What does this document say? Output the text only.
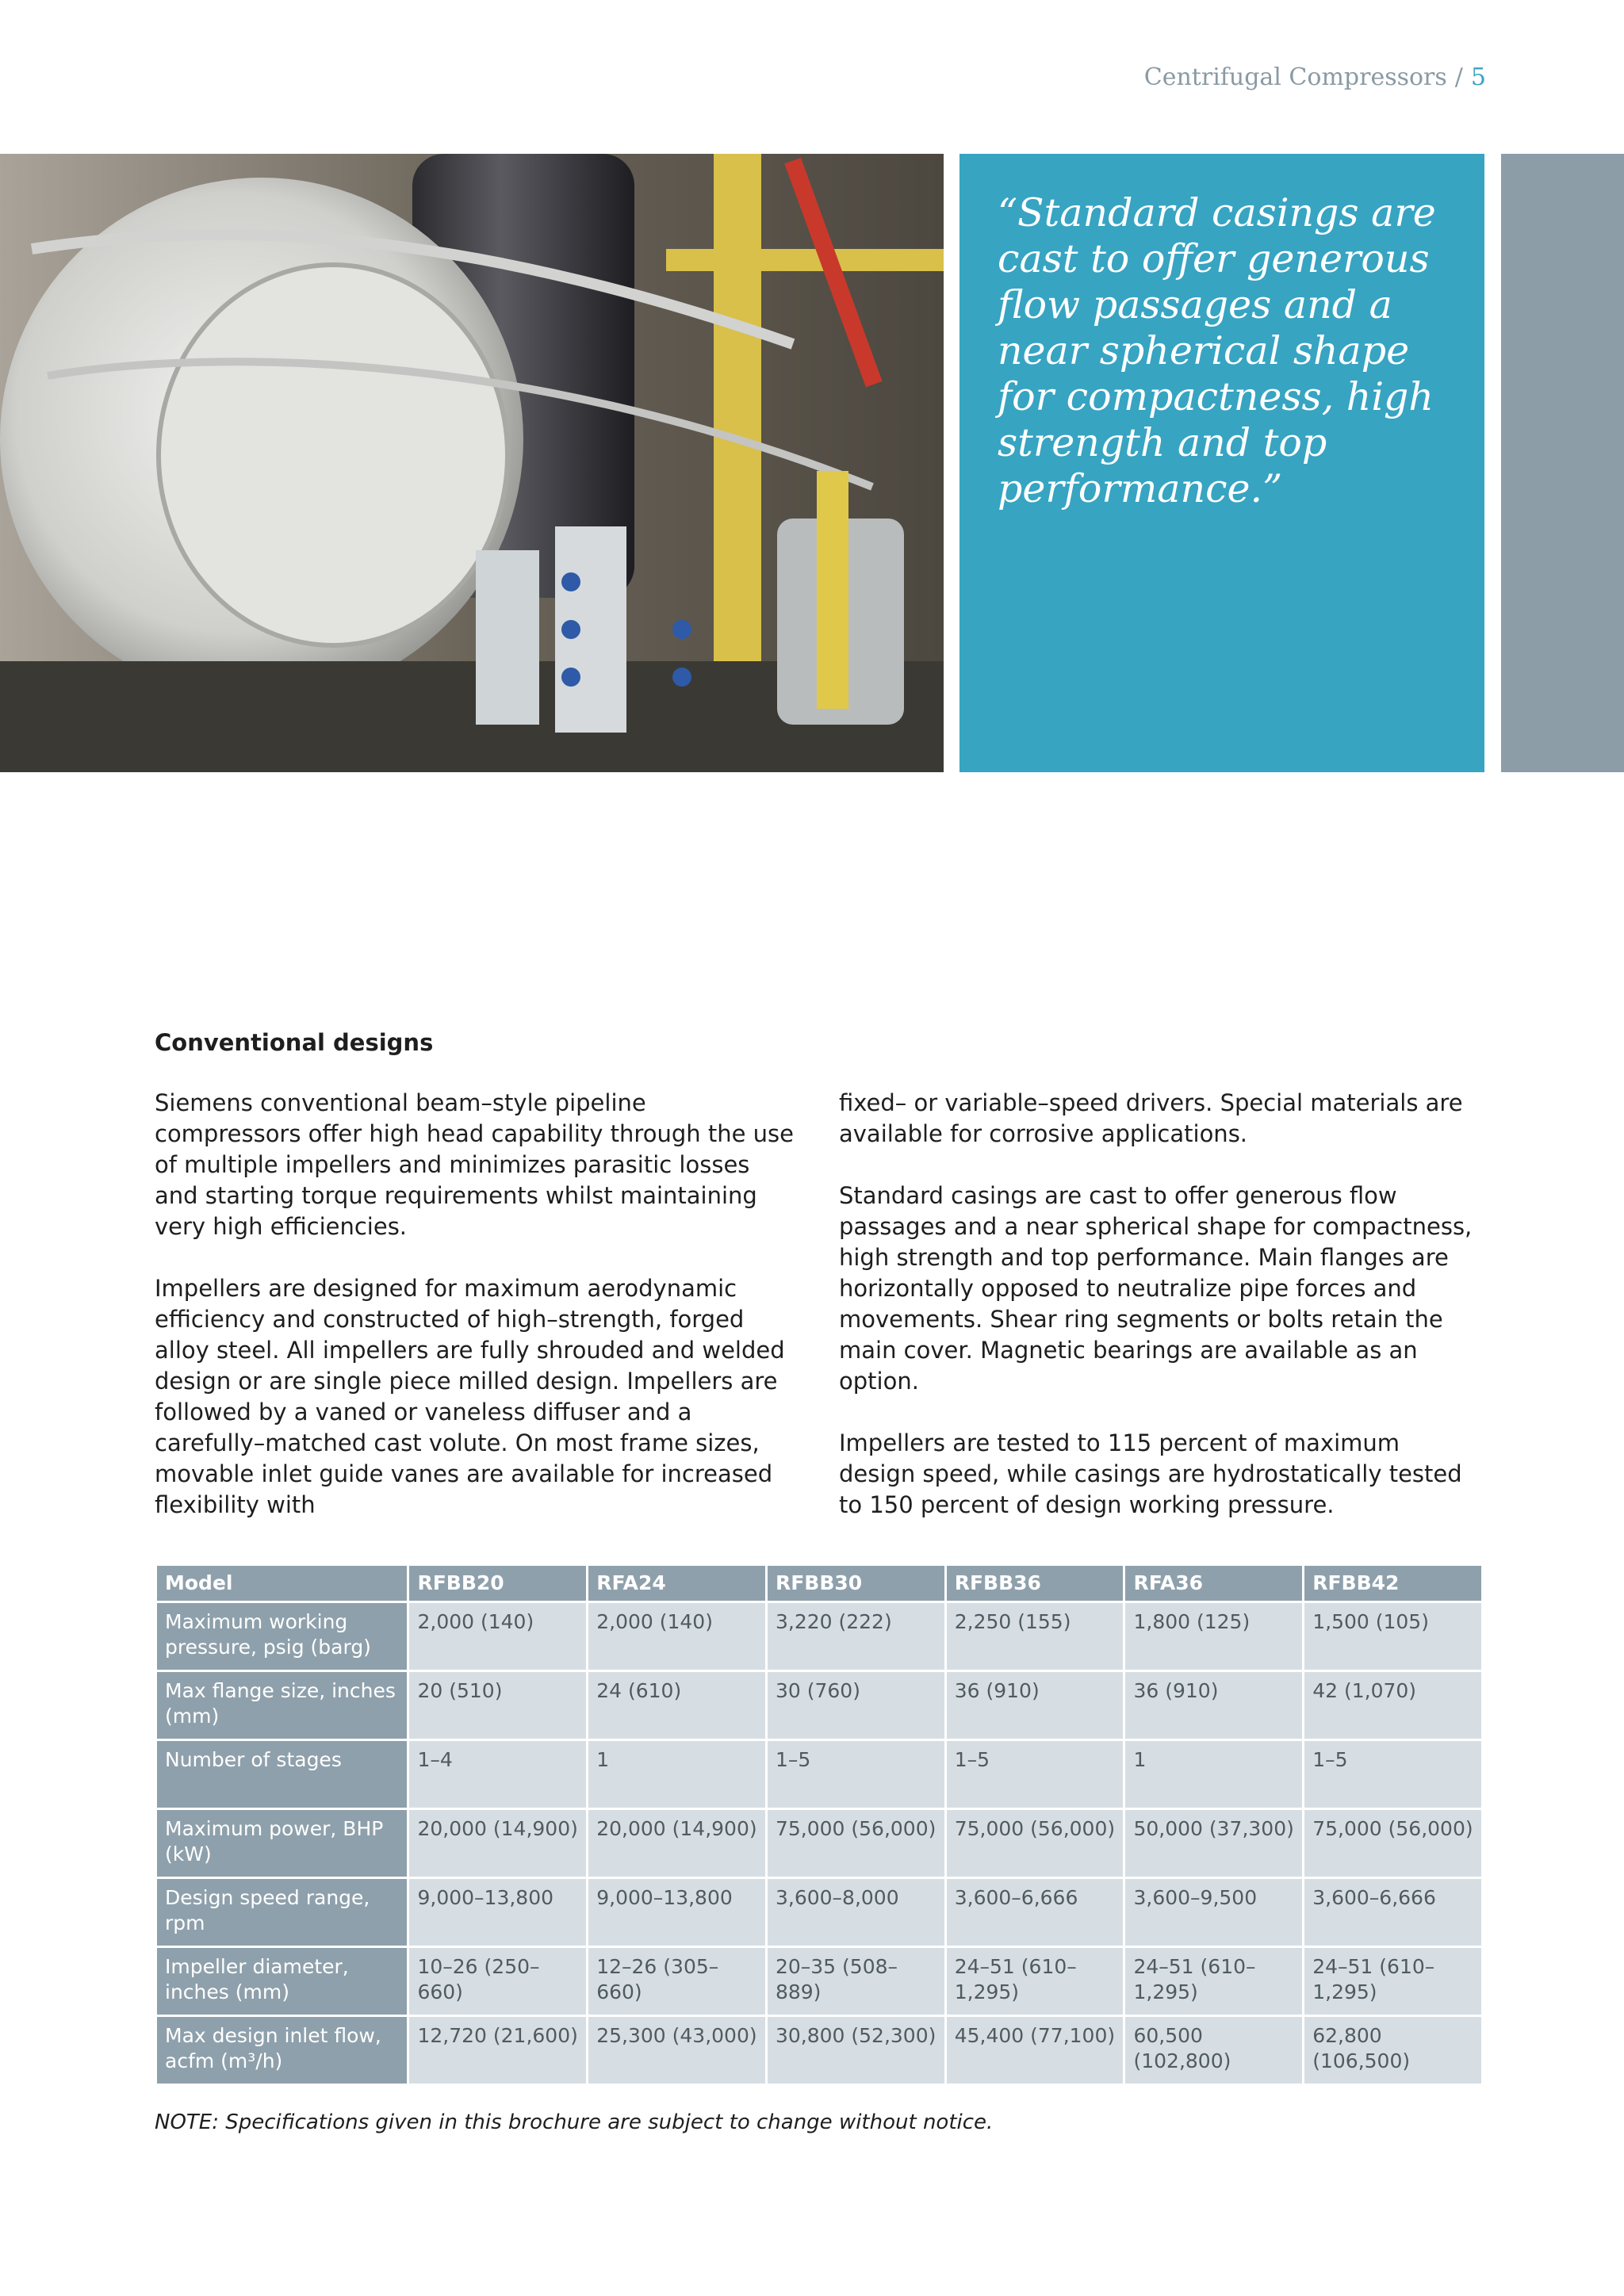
Centrifugal Compressors / 5

“Standard casings are cast to offer generous flow passages and a near spherical shape for compactness, high strength and top performance.”

Conventional designs

Siemens conventional beam–style pipeline compressors offer high head capability through the use of multiple impellers and minimizes parasitic losses and starting torque requirements whilst maintaining very high efficiencies.

Impellers are designed for maximum aerodynamic efficiency and constructed of high–strength, forged alloy steel. All impellers are fully shrouded and welded design or are single piece milled design. Impellers are followed by a vaned or vaneless diffuser and a carefully–matched cast volute. On most frame sizes, movable inlet guide vanes are available for increased flexibility with

fixed– or variable–speed drivers. Special materials are available for corrosive applications.

Standard casings are cast to offer generous flow passages and a near spherical shape for compactness, high strength and top performance. Main flanges are horizontally opposed to neutralize pipe forces and movements. Shear ring segments or bolts retain the main cover. Magnetic bearings are available as an option.

Impellers are tested to 115 percent of maximum design speed, while casings are hydrostatically tested to 150 percent of design working pressure.

Model	RFBB20	RFA24	RFBB30	RFBB36	RFA36	RFBB42
Maximum working pressure, psig (barg)	2,000 (140)	2,000 (140)	3,220 (222)	2,250 (155)	1,800 (125)	1,500 (105)
Max flange size, inches (mm)	20 (510)	24 (610)	30 (760)	36 (910)	36 (910)	42 (1,070)
Number of stages	1–4	1	1–5	1–5	1	1–5
Maximum power, BHP (kW)	20,000 (14,900)	20,000 (14,900)	75,000 (56,000)	75,000 (56,000)	50,000 (37,300)	75,000 (56,000)
Design speed range, rpm	9,000–13,800	9,000–13,800	3,600–8,000	3,600–6,666	3,600–9,500	3,600–6,666
Impeller diameter, inches (mm)	10–26 (250–660)	12–26 (305–660)	20–35 (508–889)	24–51 (610–1,295)	24–51 (610–1,295)	24–51 (610–1,295)
Max design inlet flow, acfm (m³/h)	12,720 (21,600)	25,300 (43,000)	30,800 (52,300)	45,400 (77,100)	60,500 (102,800)	62,800 (106,500)

NOTE: Specifications given in this brochure are subject to change without notice.
